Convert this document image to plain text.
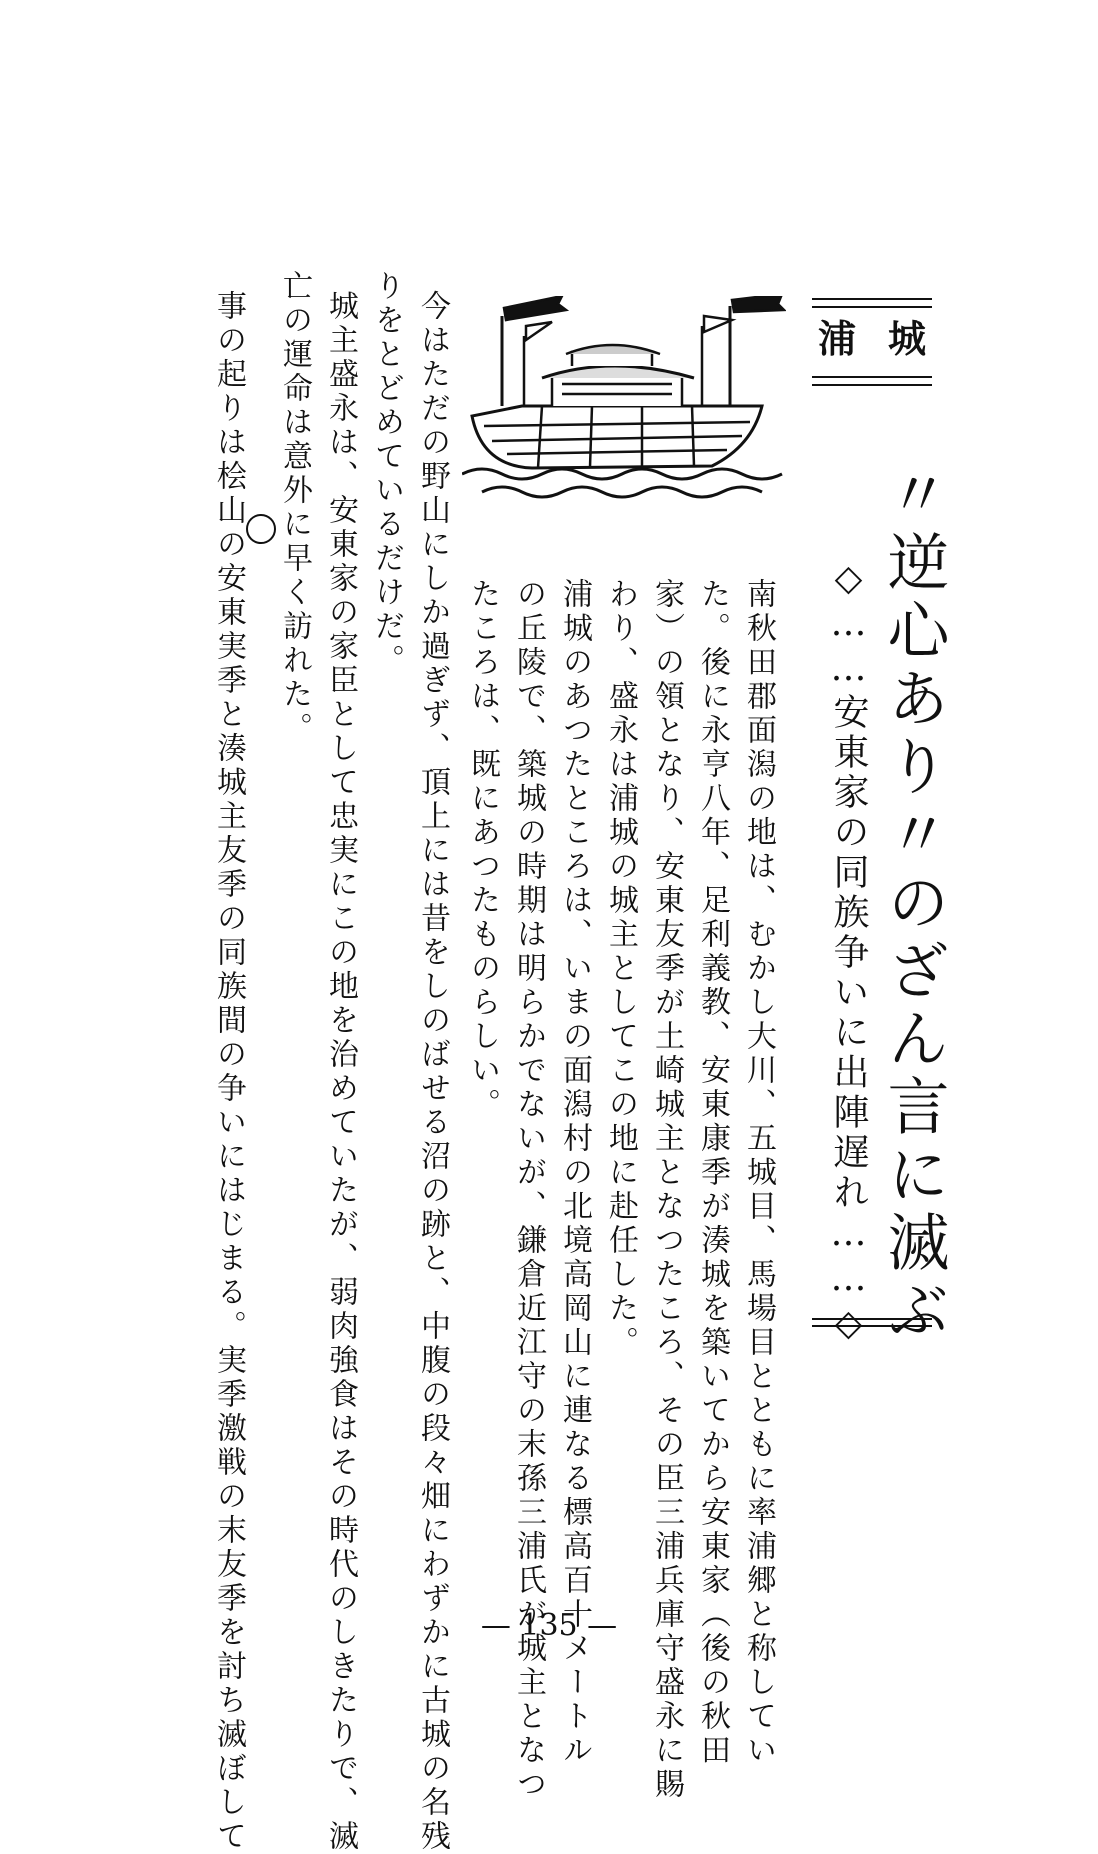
浦 城
〃逆心あり〃のざん言に滅ぶ
◇……安東家の同族争いに出陣遅れ……◇
南秋田郡面潟の地は、むかし大川、五城目、馬場目とともに率浦郷と称してい
た。後に永亨八年、足利義教、安東康季が湊城を築いてから安東家（後の秋田
家）の領となり、安東友季が土崎城主となつたころ、その臣三浦兵庫守盛永に賜
わり、盛永は浦城の城主としてこの地に赴任した。
浦城のあつたところは、いまの面潟村の北境高岡山に連なる標高百十メートル
の丘陵で、築城の時期は明らかでないが、鎌倉近江守の末孫三浦氏が城主となつ
たころは、既にあつたものらしい。
今はただの野山にしか過ぎず、頂上には昔をしのばせる沼の跡と、中腹の段々畑にわずかに古城の名残
りをとどめているだけだ。
城主盛永は、安東家の家臣として忠実にこの地を治めていたが、弱肉強食はその時代のしきたりで、滅
亡の運命は意外に早く訪れた。
事の起りは桧山の安東実季と湊城主友季の同族間の争いにはじまる。実季激戦の末友季を討ち滅ぼして	— 135 —
